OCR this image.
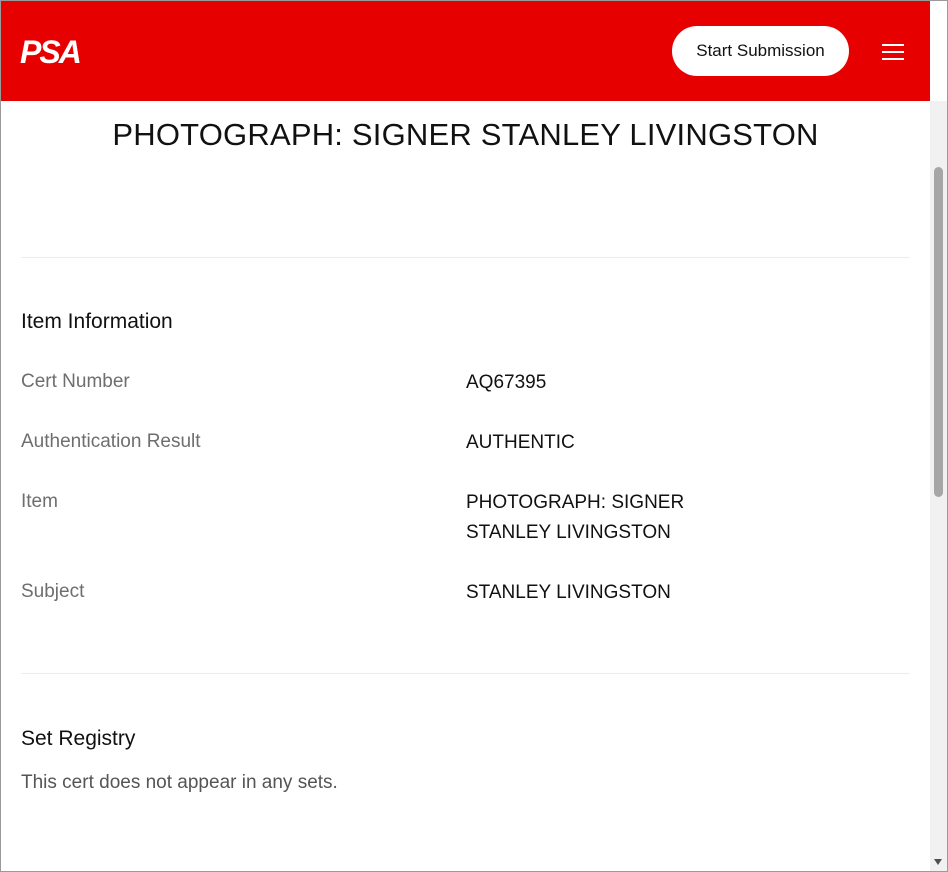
PSA	Start Submission
PHOTOGRAPH: SIGNER STANLEY LIVINGSTON
Item Information
Cert Number	AQ67395
Authentication Result	AUTHENTIC
Item	PHOTOGRAPH: SIGNER STANLEY LIVINGSTON
Subject	STANLEY LIVINGSTON
Set Registry
This cert does not appear in any sets.
